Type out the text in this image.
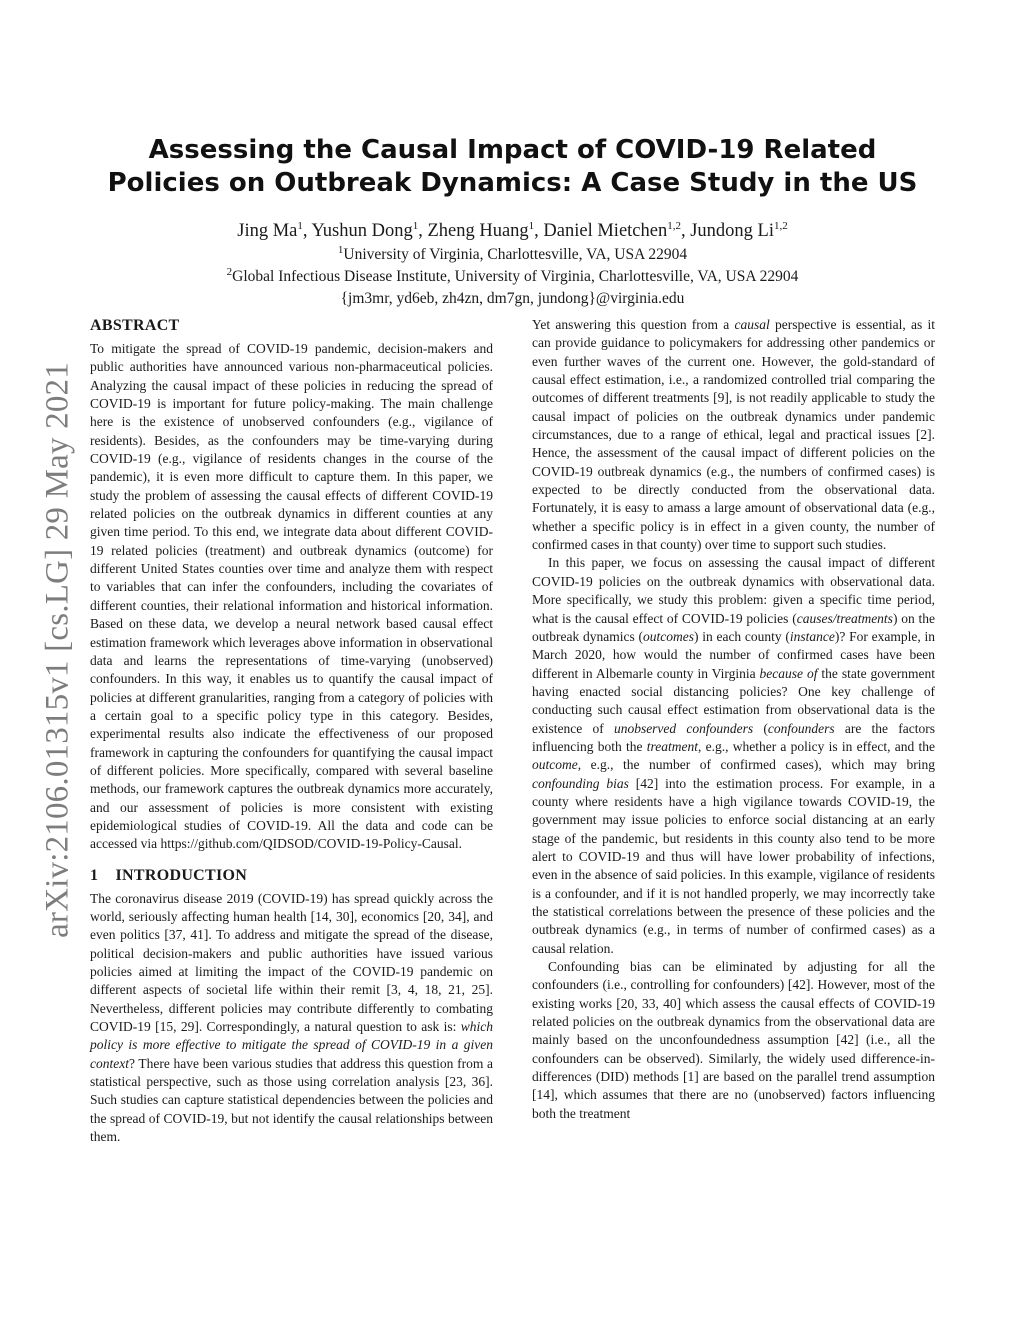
arXiv:2106.01315v1 [cs.LG] 29 May 2021
Assessing the Causal Impact of COVID-19 Related Policies on Outbreak Dynamics: A Case Study in the US
Jing Ma$^1$, Yushun Dong$^1$, Zheng Huang$^1$, Daniel Mietchen$^{1,2}$, Jundong Li$^{1,2}$
$^1$University of Virginia, Charlottesville, VA, USA 22904
$^2$Global Infectious Disease Institute, University of Virginia, Charlottesville, VA, USA 22904
{jm3mr, yd6eb, zh4zn, dm7gn, jundong}@virginia.edu
ABSTRACT

To mitigate the spread of COVID-19 pandemic, decision-makers and public authorities have announced various non-pharmaceutical policies. Analyzing the causal impact of these policies in reducing the spread of COVID-19 is important for future policy-making. The main challenge here is the existence of unobserved confounders (e.g., vigilance of residents). Besides, as the confounders may be time-varying during COVID-19 (e.g., vigilance of residents changes in the course of the pandemic), it is even more difficult to capture them. In this paper, we study the problem of assessing the causal effects of different COVID-19 related policies on the outbreak dynamics in different counties at any given time period. To this end, we integrate data about different COVID-19 related policies (treatment) and outbreak dynamics (outcome) for different United States counties over time and analyze them with respect to variables that can infer the confounders, including the covariates of different counties, their relational information and historical information. Based on these data, we develop a neural network based causal effect estimation framework which leverages above information in observational data and learns the representations of time-varying (unobserved) confounders. In this way, it enables us to quantify the causal impact of policies at different granularities, ranging from a category of policies with a certain goal to a specific policy type in this category. Besides, experimental results also indicate the effectiveness of our proposed framework in capturing the confounders for quantifying the causal impact of different policies. More specifically, compared with several baseline methods, our framework captures the outbreak dynamics more accurately, and our assessment of policies is more consistent with existing epidemiological studies of COVID-19. All the data and code can be accessed via https://github.com/QIDSOD/COVID-19-Policy-Causal.

1 INTRODUCTION

The coronavirus disease 2019 (COVID-19) has spread quickly across the world, seriously affecting human health [14, 30], economics [20, 34], and even politics [37, 41]. To address and mitigate the spread of the disease, political decision-makers and public authorities have issued various policies aimed at limiting the impact of the COVID-19 pandemic on different aspects of societal life within their remit [3, 4, 18, 21, 25]. Nevertheless, different policies may contribute differently to combating COVID-19 [15, 29]. Correspondingly, a natural question to ask is: which policy is more effective to mitigate the spread of COVID-19 in a given context? There have been various studies that address this question from a statistical perspective, such as those using correlation analysis [23, 36]. Such studies can capture statistical dependencies between the policies and the spread of COVID-19, but not identify the causal relationships between them.

Yet answering this question from a causal perspective is essential, as it can provide guidance to policymakers for addressing other pandemics or even further waves of the current one. However, the gold-standard of causal effect estimation, i.e., a randomized controlled trial comparing the outcomes of different treatments [9], is not readily applicable to study the causal impact of policies on the outbreak dynamics under pandemic circumstances, due to a range of ethical, legal and practical issues [2]. Hence, the assessment of the causal impact of different policies on the COVID-19 outbreak dynamics (e.g., the numbers of confirmed cases) is expected to be directly conducted from the observational data. Fortunately, it is easy to amass a large amount of observational data (e.g., whether a specific policy is in effect in a given county, the number of confirmed cases in that county) over time to support such studies.

In this paper, we focus on assessing the causal impact of different COVID-19 policies on the outbreak dynamics with observational data. More specifically, we study this problem: given a specific time period, what is the causal effect of COVID-19 policies (causes/treatments) on the outbreak dynamics (outcomes) in each county (instance)? For example, in March 2020, how would the number of confirmed cases have been different in Albemarle county in Virginia because of the state government having enacted social distancing policies? One key challenge of conducting such causal effect estimation from observational data is the existence of unobserved confounders (confounders are the factors influencing both the treatment, e.g., whether a policy is in effect, and the outcome, e.g., the number of confirmed cases), which may bring confounding bias [42] into the estimation process. For example, in a county where residents have a high vigilance towards COVID-19, the government may issue policies to enforce social distancing at an early stage of the pandemic, but residents in this county also tend to be more alert to COVID-19 and thus will have lower probability of infections, even in the absence of said policies. In this example, vigilance of residents is a confounder, and if it is not handled properly, we may incorrectly take the statistical correlations between the presence of these policies and the outbreak dynamics (e.g., in terms of number of confirmed cases) as a causal relation.

Confounding bias can be eliminated by adjusting for all the confounders (i.e., controlling for confounders) [42]. However, most of the existing works [20, 33, 40] which assess the causal effects of COVID-19 related policies on the outbreak dynamics from the observational data are mainly based on the unconfoundedness assumption [42] (i.e., all the confounders can be observed). Similarly, the widely used difference-in-differences (DID) methods [1] are based on the parallel trend assumption [14], which assumes that there are no (unobserved) factors influencing both the treatment
